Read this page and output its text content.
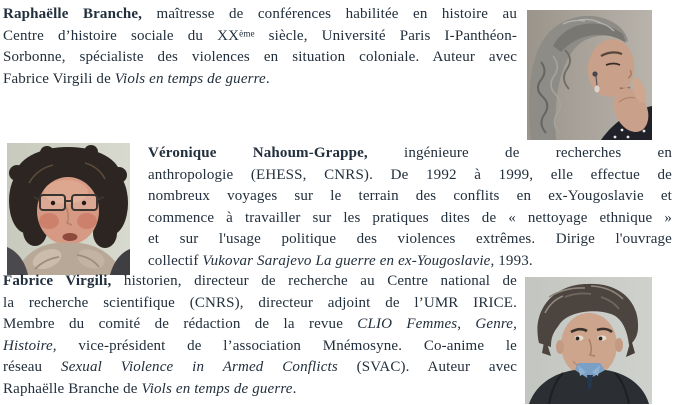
Raphaëlle Branche, maîtresse de conférences habilitée en histoire au
Centre d’histoire sociale du XXème siècle, Université Paris I-Panthéon-
Sorbonne, spécialiste des violences en situation coloniale. Auteur avec
Fabrice Virgili de Viols en temps de guerre.
Véronique Nahoum-Grappe, ingénieure de recherches en
anthropologie (EHESS, CNRS). De 1992 à 1999, elle effectue de
nombreux voyages sur le terrain des conflits en ex-Yougoslavie et
commence à travailler sur les pratiques dites de « nettoyage ethnique »
et sur l'usage politique des violences extrêmes. Dirige l'ouvrage
collectif Vukovar Sarajevo La guerre en ex-Yougoslavie, 1993.
Fabrice Virgili, historien, directeur de recherche au Centre national de
la recherche scientifique (CNRS), directeur adjoint de l’UMR IRICE.
Membre du comité de rédaction de la revue CLIO Femmes, Genre,
Histoire, vice-président de l’association Mnémosyne. Co-anime le
réseau Sexual Violence in Armed Conflicts (SVAC). Auteur avec
Raphaëlle Branche de Viols en temps de guerre.
